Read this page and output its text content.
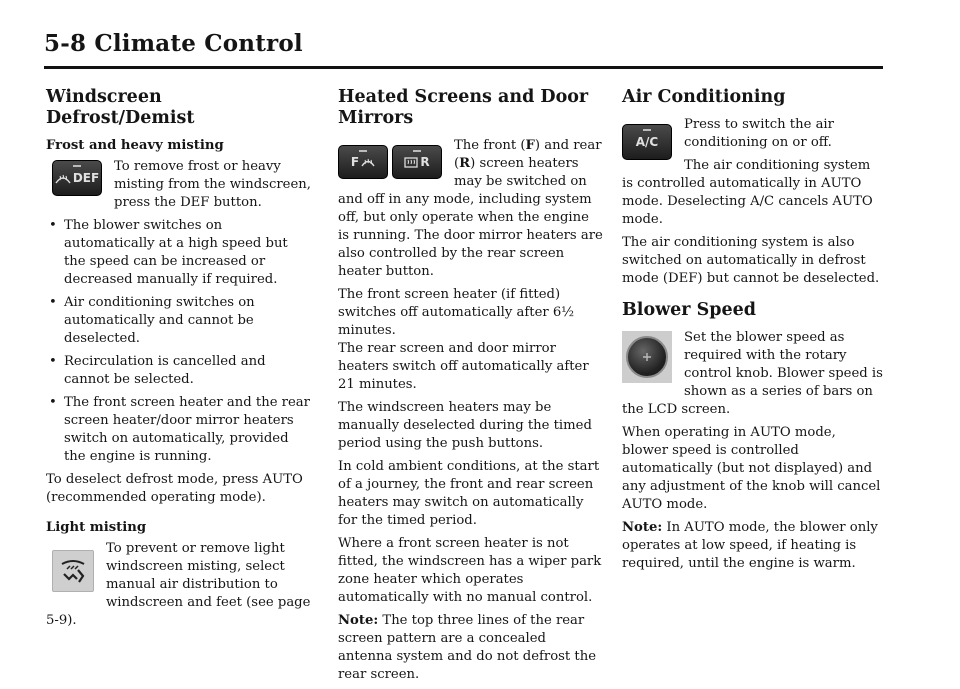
5-8 Climate Control
Windscreen Defrost/Demist
Frost and heavy misting
DEF

To remove frost or heavy misting from the windscreen, press the DEF button.

• The blower switches on automatically at a high speed but the speed can be increased or decreased manually if required.
• Air conditioning switches on automatically and cannot be deselected.
• Recirculation is cancelled and cannot be selected.
• The front screen heater and the rear screen heater/door mirror heaters switch on automatically, provided the engine is running.

To deselect defrost mode, press AUTO (recommended operating mode).

Light misting

To prevent or remove light windscreen misting, select manual air distribution to windscreen and feet (see page 5-9).

Heated Screens and Door Mirrors
F	R

The front (F) and rear (R) screen heaters may be switched on and off in any mode, including system off, but only operate when the engine is running. The door mirror heaters are also controlled by the rear screen heater button.

The front screen heater (if fitted) switches off automatically after 6½ minutes.

The rear screen and door mirror heaters switch off automatically after 21 minutes.

The windscreen heaters may be manually deselected during the timed period using the push buttons.

In cold ambient conditions, at the start of a journey, the front and rear screen heaters may switch on automatically for the timed period.

Where a front screen heater is not fitted, the windscreen has a wiper park zone heater which operates automatically with no manual control.

Note: The top three lines of the rear screen pattern are a concealed antenna system and do not defrost the rear screen.

Air Conditioning
A/C

Press to switch the air conditioning on or off.

The air conditioning system is controlled automatically in AUTO mode. Deselecting A/C cancels AUTO mode.

The air conditioning system is also switched on automatically in defrost mode (DEF) but cannot be deselected.

Blower Speed

Set the blower speed as required with the rotary control knob. Blower speed is shown as a series of bars on the LCD screen.

When operating in AUTO mode, blower speed is controlled automatically (but not displayed) and any adjustment of the knob will cancel AUTO mode.

Note: In AUTO mode, the blower only operates at low speed, if heating is required, until the engine is warm.
